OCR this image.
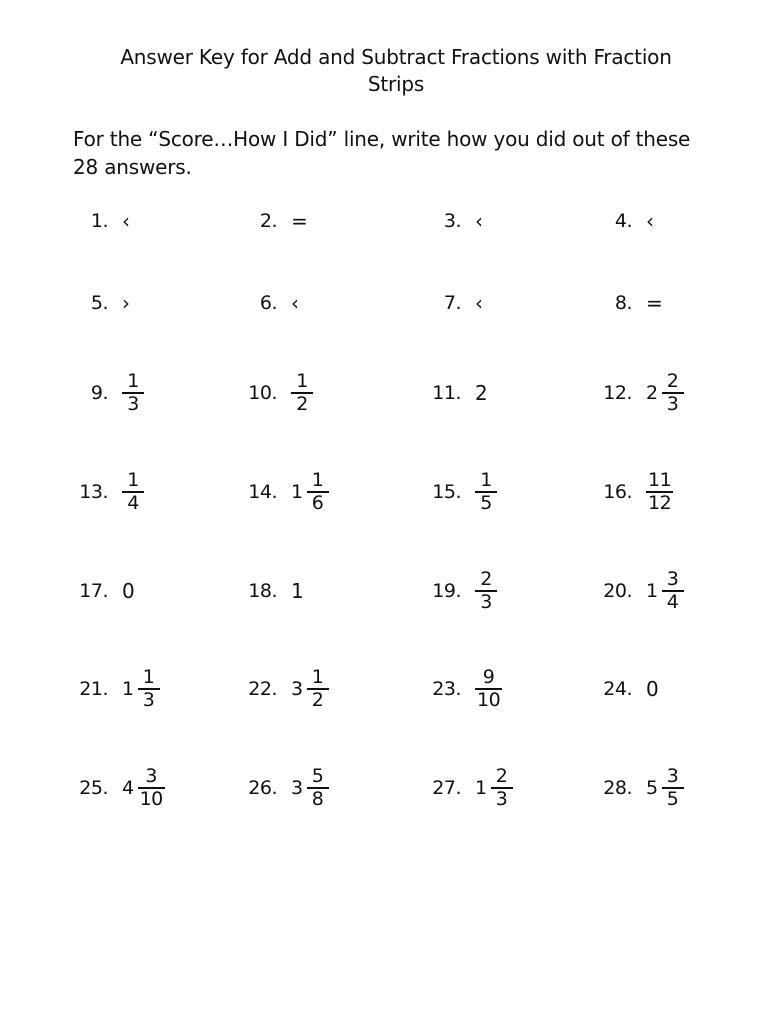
Answer Key for Add and Subtract Fractions with Fraction Strips
For the “Score…How I Did” line, write how you did out of these 28 answers.
1. ‹	2. =	3. ‹	4. ‹
5. ›	6. ‹	7. ‹	8. =
9. $\frac{1}{3}$	10. $\frac{1}{2}$	11. 2	12. $2 \frac{2}{3}$
13. $\frac{1}{4}$	14. $1 \frac{1}{6}$	15. $\frac{1}{5}$	16. $\frac{11}{12}$
17. 0	18. 1	19. $\frac{2}{3}$	20. $1 \frac{3}{4}$
21. $1 \frac{1}{3}$	22. $3 \frac{1}{2}$	23. $\frac{9}{10}$	24. 0
25. $4 \frac{3}{10}$	26. $3 \frac{5}{8}$	27. $1 \frac{2}{3}$	28. $5 \frac{3}{5}$
